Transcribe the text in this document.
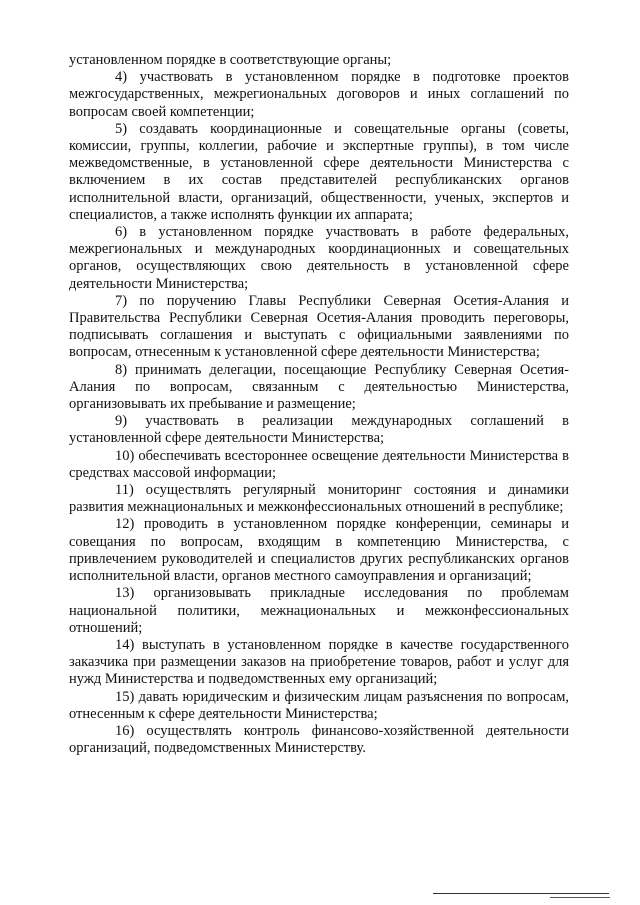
установленном порядке в соответствующие органы;

4) участвовать в установленном порядке в подготовке проектов межгосударственных, межрегиональных договоров и иных соглашений по вопросам своей компетенции;

5) создавать координационные и совещательные органы (советы, комиссии, группы, коллегии, рабочие и экспертные группы), в том числе межведомственные, в установленной сфере деятельности Министерства с включением в их состав представителей республиканских органов исполнительной власти, организаций, общественности, ученых, экспертов и специалистов, а также исполнять функции их аппарата;

6) в установленном порядке участвовать в работе федеральных, межрегиональных и международных координационных и совещательных органов, осуществляющих свою деятельность в установленной сфере деятельности Министерства;

7) по поручению Главы Республики Северная Осетия-Алания и Правительства Республики Северная Осетия-Алания проводить переговоры, подписывать соглашения и выступать с официальными заявлениями по вопросам, отнесенным к установленной сфере деятельности Министерства;

8) принимать делегации, посещающие Республику Северная Осетия-Алания по вопросам, связанным с деятельностью Министерства, организовывать их пребывание и размещение;

9) участвовать в реализации международных соглашений в установленной сфере деятельности Министерства;

10) обеспечивать всестороннее освещение деятельности Министерства в средствах массовой информации;

11) осуществлять регулярный мониторинг состояния и динамики развития межнациональных и межконфессиональных отношений в республике;

12) проводить в установленном порядке конференции, семинары и совещания по вопросам, входящим в компетенцию Министерства, с привлечением руководителей и специалистов других республиканских органов исполнительной власти, органов местного самоуправления и организаций;

13) организовывать прикладные исследования по проблемам национальной политики, межнациональных и межконфессиональных отношений;

14) выступать в установленном порядке в качестве государственного заказчика при размещении заказов на приобретение товаров, работ и услуг для нужд Министерства и подведомственных ему организаций;

15) давать юридическим и физическим лицам разъяснения по вопросам, отнесенным к сфере деятельности Министерства;

16) осуществлять контроль финансово-хозяйственной деятельности организаций, подведомственных Министерству.
